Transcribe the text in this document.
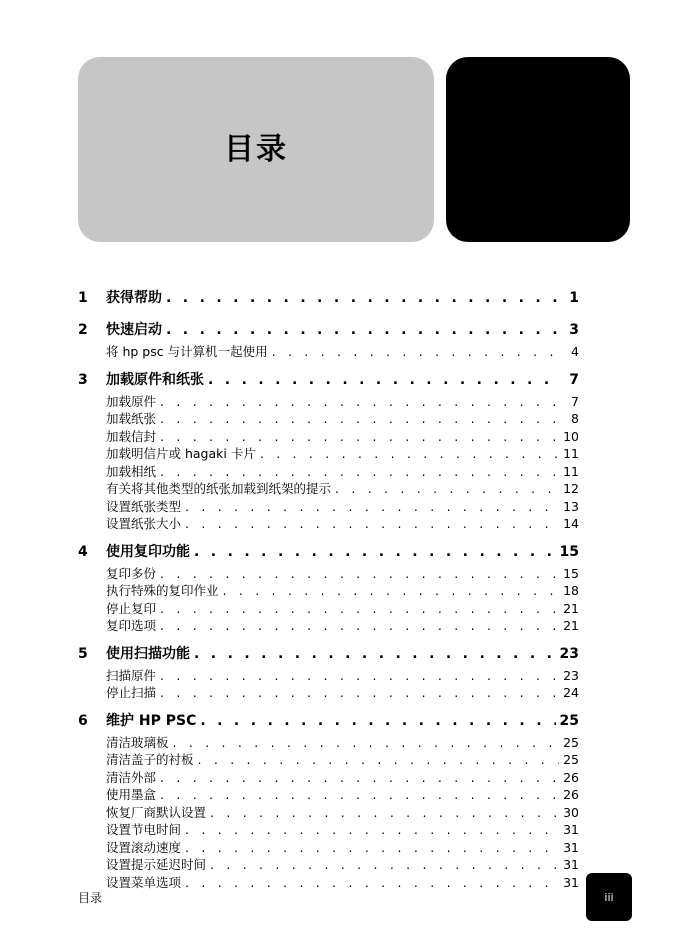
目录
1	获得帮助 . . .	1
2	快速启动 . . .	3
将 hp psc 与计算机一起使用 . . .	4
3	加载原件和纸张 . . .	7
加载原件 . . .	7
加载纸张 . . .	8
加载信封 . . .	10
加载明信片或 hagaki 卡片 . . .	11
加载相纸 . . .	11
有关将其他类型的纸张加载到纸架的提示 . . .	12
设置纸张类型 . . .	13
设置纸张大小 . . .	14
4	使用复印功能 . . .	15
复印多份 . . .	15
执行特殊的复印作业 . . .	18
停止复印 . . .	21
复印选项 . . .	21
5	使用扫描功能 . . .	23
扫描原件 . . .	23
停止扫描 . . .	24
6	维护 HP PSC . . .	25
清洁玻璃板 . . .	25
清洁盖子的衬板 . . .	25
清洁外部 . . .	26
使用墨盒 . . .	26
恢复厂商默认设置 . . .	30
设置节电时间 . . .	31
设置滚动速度 . . .	31
设置提示延迟时间 . . .	31
设置菜单选项 . . .	31
目录	iii
